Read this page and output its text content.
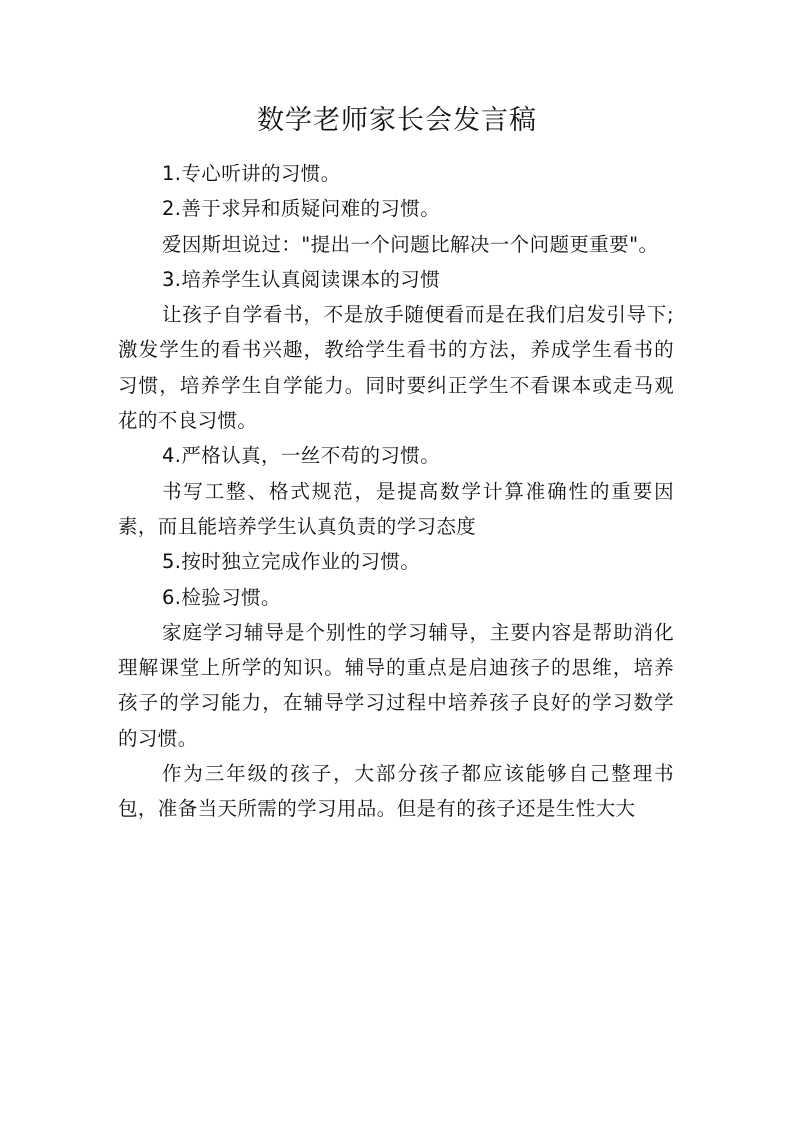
数学老师家长会发言稿

1.专心听讲的习惯。

2.善于求异和质疑问难的习惯。

爱因斯坦说过："提出一个问题比解决一个问题更重要"。

3.培养学生认真阅读课本的习惯

让孩子自学看书，不是放手随便看而是在我们启发引导下;激发学生的看书兴趣，教给学生看书的方法，养成学生看书的习惯，培养学生自学能力。同时要纠正学生不看课本或走马观花的不良习惯。

4.严格认真，一丝不苟的习惯。

书写工整、格式规范，是提高数学计算准确性的重要因素，而且能培养学生认真负责的学习态度

5.按时独立完成作业的习惯。

6.检验习惯。

家庭学习辅导是个别性的学习辅导，主要内容是帮助消化理解课堂上所学的知识。辅导的重点是启迪孩子的思维，培养孩子的学习能力，在辅导学习过程中培养孩子良好的学习数学的习惯。

作为三年级的孩子，大部分孩子都应该能够自己整理书包，准备当天所需的学习用品。但是有的孩子还是生性大大
